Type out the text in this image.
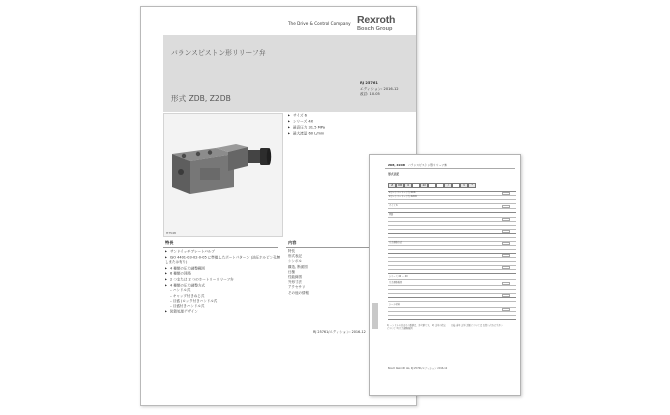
The Drive & Control Company Rexroth
Bosch Group
バランスピストン形リリーフ弁
形式 ZDB, Z2DB
RJ 25761
エディション: 2016-12
改訂: 10.05
H7548
▶ サイズ 6
▶ シリーズ 4X
▶ 最高圧力 31.5 MPa
▶ 最大流量 60 L/min
特長	内容
▶ サンドイッチプレートバルブ
▶ ISO 4401-03-02-0-05 に準拠したポートパターン (油圧ホルピン孔無しまたは有り)
▶ 4 種類の圧力調整範囲
▶ 6 種類の回路
▶ 2 つまたは 2 つのホートリーリリーフ弁
▶ 4 種類の圧力調整方式
– ハンドル式
– キャップ付きねじ式
– 目盛 (ロック付きハンドル式
– 目盛付きハンドル式
▶ 防錆処理デザイン
特長
形式表記
シンボル
構造, 断面図
仕様
性能線図
外形寸法
アクセサリ
その他の情報
RJ 25761/エディション: 2016-12
ZDB, Z2DB バランスピストン形リリーフ弁
形式表記
Z	DB	6	4X	/	V	*
1) ハンドルの目盛りの数値は、参考値です。 2) 記号の指定について 3) 圧力調整範囲
仕様 番号 記号 詳細 については お問い合わせ下さい
Bosch Rexroth AG, RJ 25761/エディション 2016-12
2ポートリーリーフ弁 ZDB
2ポートリーリーフ弁 Z2DB
サイズ 6
回路
圧力調整方式
シリーズ 40 ～ 49
圧力調整範囲
シール材料
